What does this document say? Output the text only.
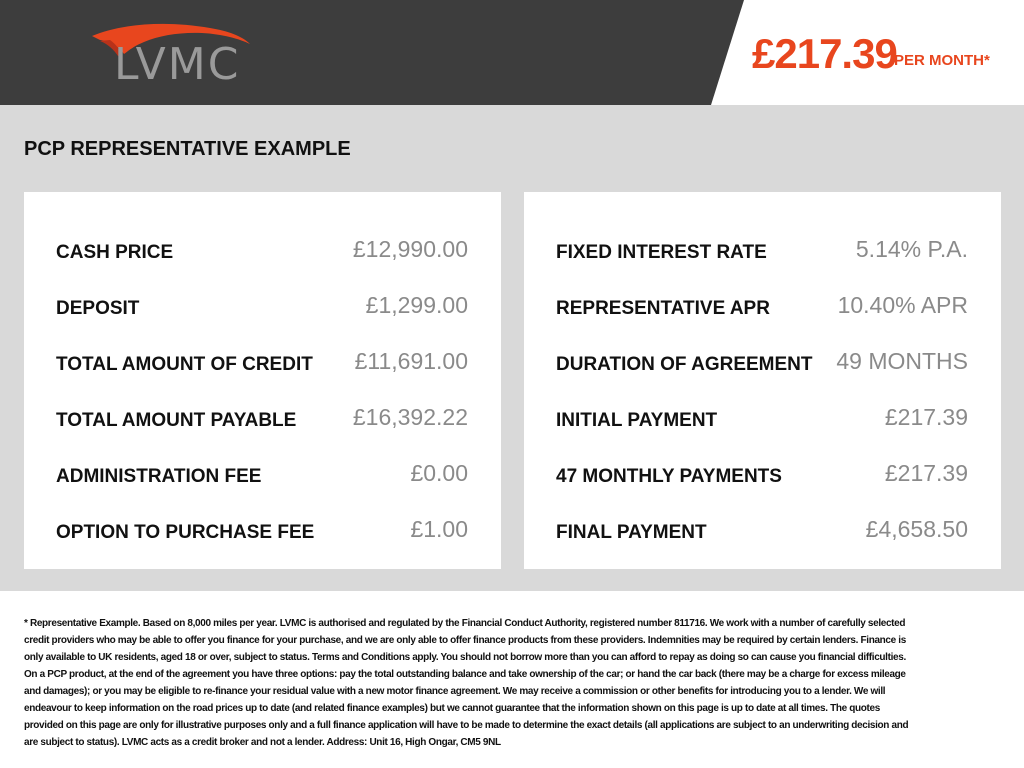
LVMC	£217.39
PER MONTH*
PCP REPRESENTATIVE EXAMPLE
CASH PRICE	£12,990.00
DEPOSIT	£1,299.00
TOTAL AMOUNT OF CREDIT £11,691.00
TOTAL AMOUNT PAYABLE £16,392.22
ADMINISTRATION FEE	£0.00
OPTION TO PURCHASE FEE	£1.00
FIXED INTEREST RATE	5.14% P.A.
REPRESENTATIVE APR	10.40% APR
DURATION OF AGREEMENT 49 MONTHS
INITIAL PAYMENT	£217.39
47 MONTHLY PAYMENTS	£217.39
FINAL PAYMENT	£4,658.50
* Representative Example. Based on 8,000 miles per year. LVMC is authorised and regulated by the Financial Conduct Authority, registered number 811716. We work with a number of carefully selected credit providers who may be able to offer you finance for your purchase, and we are only able to offer finance products from these providers. Indemnities may be required by certain lenders. Finance is only available to UK residents, aged 18 or over, subject to status. Terms and Conditions apply. You should not borrow more than you can afford to repay as doing so can cause you financial difficulties. On a PCP product, at the end of the agreement you have three options: pay the total outstanding balance and take ownership of the car; or hand the car back (there may be a charge for excess mileage and damages); or you may be eligible to re-finance your residual value with a new motor finance agreement. We may receive a commission or other benefits for introducing you to a lender. We will endeavour to keep information on the road prices up to date (and related finance examples) but we cannot guarantee that the information shown on this page is up to date at all times. The quotes provided on this page are only for illustrative purposes only and a full finance application will have to be made to determine the exact details (all applications are subject to an underwriting decision and are subject to status). LVMC acts as a credit broker and not a lender. Address: Unit 16, High Ongar, CM5 9NL
